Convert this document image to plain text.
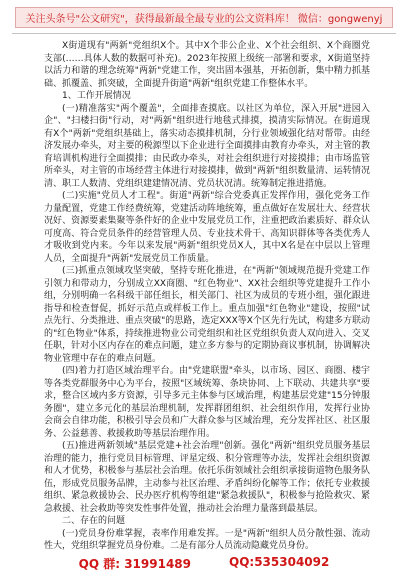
关注头条号"公文研究"，获得最新最全最专业的公文资料库！ 微信：gongwenyj

X街道现有"两新"党组织X个。其中X个非公企业、X个社会组织、X个商圈党支部(……具体人数的数据可补充)。2023年按照上级统一部署和要求，X街道坚持以活力和谐的理念统筹"两新"党建工作，突出固本强基，开拓创新，集中精力抓基础、抓覆盖、抓突破，全面提升街道"两新"组织党建工作整体水平。

1、工作开展情况

(一)精准落实"两个覆盖"，全面排查摸底。以社区为单位，深入开展"进园入企"、"扫楼扫街"行动，对"两新"组织进行地毯式排摸，摸清实际情况。在街道现有X个"两新"党组织基础上，落实动态摸排机制，分行业领域强化结对帮带。由经济发展办牵头，对主要的税源型以下企业进行全面摸排由教育办牵头，对主管的教育培训机构进行全面摸排；由民政办牵头，对社会组织进行对接摸排；由市场监管所牵头，对主管的市场经营主体进行对接摸排，做到"两新"组织数量清、运转情况清、职工人数清、党组织建建情况清、党员状况清。统筹制定推进措施。

(二)实施"党员人才工程"。街道"两新"综合党委真正发挥作用，强化党务工作力量配置，党建工作经费统筹，党建活动阵地统筹，重点做好在发展壮大、经营状况好、资源要素集聚等条件好的企业中发展党员工作，注重把政治素质好、群众认可度高、符合党员条件的经营管理人员、专业技术骨干、高知识群体等各类优秀人才吸收到党内来。今年以来发展"两新"组织党员X人，其中X名是在中层以上管理人员，全面提升"两新"发展党员工作质量。

(三)抓重点领域攻坚突破，坚持专班化推进，在"两新"领域规范提升党建工作引领力和带动力，分别成立XX商圈、"红色物业"、XX社会组织等党建提升工作小组，分别明确一名科级干部任组长，相关部门、社区为成员的专班小组，强化跟进指导和检查督促，抓好示范点或样板工作上。重点加强"红色物业"建设，按照"试点先行、分类推进、重点突破"的思路，选定XXX等X个区先行先试，构建多方联动的"红色物业"体系，持续推进物业公司党组织和社区党组织负责人双向进入、交叉任职，针对小区内存在的难点问题，建立多方参与的定期协商议事机制，协调解决物业管理中存在的难点问题。

(四)着力打造区域治理平台。由"党建联盟"牵头，以市场、园区、商圈、楼宇等各类党群服务中心为平台，按照"区域统筹、条块协同、上下联动、共建共享"要求，整合区域内多方资源，引导多元主体参与区域治理，构建基层党建"15分钟服务圈"，建立多元化的基层治理机制，发挥群团组织、社会组织作用，发挥行业协会商会自律功能，积极引导会员和广大群众参与区域治理，充分发挥社区、社区服务、公益慈善、救援救助等基层治理作用。

(五)推进两新领域"基层党建+社会治理"创新。强化"两新"组织党员服务基层治理的能力，推行党员目标管理、评星定级、积分管理等办法，发挥社会组织资源和人才优势，积极参与基层社会治理。依托乐街领域社会组织承接街道物色服务队伍，形成党员服务品牌，主动参与社区治理、矛盾纠纷化解等工作；依托专业救援组织、紧急救援协会、民办医疗机构等组建"紧急救援队"，积极参与抢险救灾、紧急救援、社会救助等突发性事件处置，推动社会治理力量落到最基层。

二、存在的问题

(一)党员身份难掌握，表率作用难发挥。一是"两新"组织人员分散性强、流动性大，党组织掌握党员身份难。二是有部分人员流动隐藏党员身份。

QQ 群: 31991489	QQ:535304092
